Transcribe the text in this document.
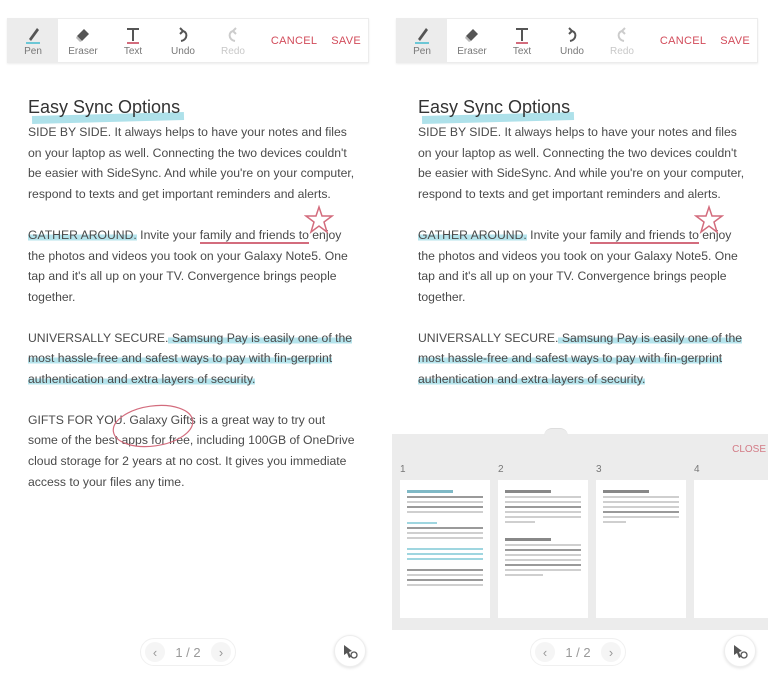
Pen	Eraser	Text	Undo	Redo
CANCEL	SAVE
Easy Sync Options

SIDE BY SIDE. It always helps to have your notes and files on your laptop as well. Connecting the two devices couldn't be easier with SideSync. And while you're on your computer, respond to texts and get important reminders and alerts.

GATHER AROUND. Invite your family and friends to enjoy the photos and videos you took on your Galaxy Note5. One tap and it's all up on your TV. Convergence brings people together.

UNIVERSALLY SECURE. Samsung Pay is easily one of the most hassle-free and safest ways to pay with fin-gerprint authentication and extra layers of security.

GIFTS FOR YOU. Galaxy Gifts is a great way to try out some of the best apps for free, including 100GB of OneDrive cloud storage for 2 years at no cost. It gives you immediate access to your files any time.

‹	1 / 2	›
Pen	Eraser	Text	Undo	Redo
CANCEL	SAVE
Easy Sync Options

SIDE BY SIDE. It always helps to have your notes and files on your laptop as well. Connecting the two devices couldn't be easier with SideSync. And while you're on your computer, respond to texts and get important reminders and alerts.

GATHER AROUND. Invite your family and friends to enjoy the photos and videos you took on your Galaxy Note5. One tap and it's all up on your TV. Convergence brings people together.

UNIVERSALLY SECURE. Samsung Pay is easily one of the most hassle-free and safest ways to pay with fin-gerprint authentication and extra layers of security.

CLOSE
1	2	3	4
‹	1 / 2	›
